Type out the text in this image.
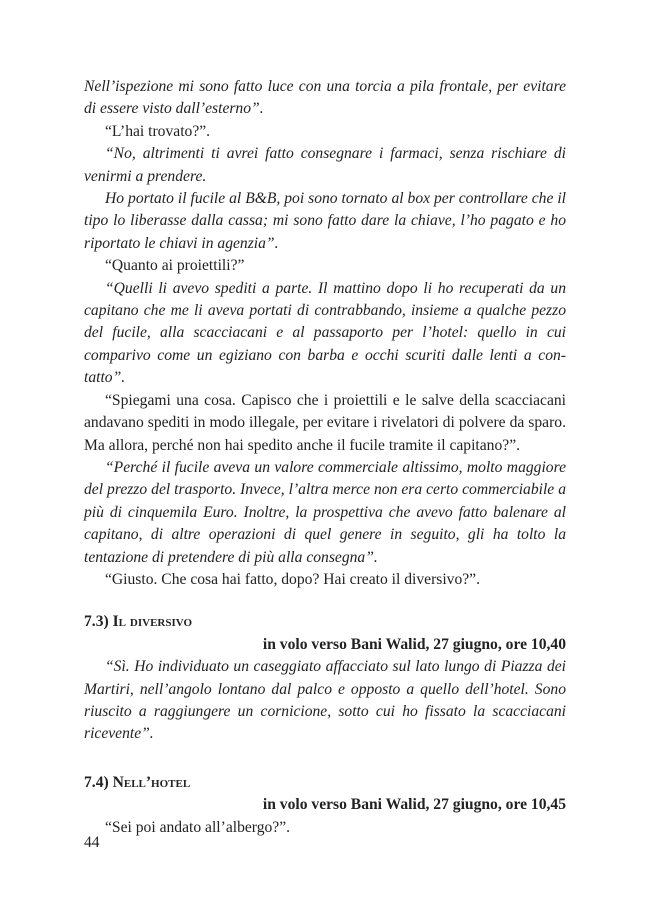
Nell’ispezione mi sono fatto luce con una torcia a pila frontale, per evitare di essere visto dall’esterno”.

“L’hai trovato?”.

“No, altrimenti ti avrei fatto consegnare i farmaci, senza rischiare di venirmi a prendere.

Ho portato il fucile al B&B, poi sono tornato al box per controllare che il tipo lo liberasse dalla cassa; mi sono fatto dare la chiave, l’ho pagato e ho riportato le chiavi in agenzia”.

“Quanto ai proiettili?”

“Quelli li avevo spediti a parte. Il mattino dopo li ho recuperati da un capitano che me li aveva portati di contrabbando, insieme a qualche pezzo del fucile, alla scacciacani e al passaporto per l’hotel: quello in cui comparivo come un egiziano con barba e occhi scuriti dalle lenti a contatto”.

“Spiegami una cosa. Capisco che i proiettili e le salve della scacciacani andavano spediti in modo illegale, per evitare i rivelatori di polvere da sparo. Ma allora, perché non hai spedito anche il fucile tramite il capitano?”.

“Perché il fucile aveva un valore commerciale altissimo, molto maggiore del prezzo del trasporto. Invece, l’altra merce non era certo commerciabile a più di cinquemila Euro. Inoltre, la prospettiva che avevo fatto balenare al capitano, di altre operazioni di quel genere in seguito, gli ha tolto la tentazione di pretendere di più alla consegna”.

“Giusto. Che cosa hai fatto, dopo? Hai creato il diversivo?”.

7.3) Il diversivo
in volo verso Bani Walid, 27 giugno, ore 10,40

“Sì. Ho individuato un caseggiato affacciato sul lato lungo di Piazza dei Martiri, nell’angolo lontano dal palco e opposto a quello dell’hotel. Sono riuscito a raggiungere un cornicione, sotto cui ho fissato la scacciacani ricevente”.

7.4) Nell’hotel
in volo verso Bani Walid, 27 giugno, ore 10,45

“Sei poi andato all’albergo?”.

44
